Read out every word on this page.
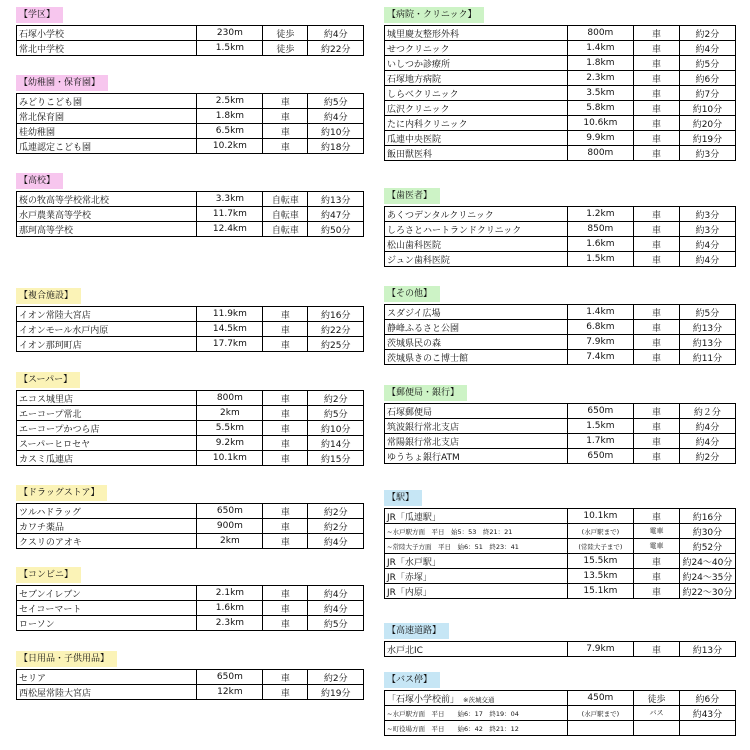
【学区】
石塚小学校	230m	徒歩	約4分
常北中学校	1.5km	徒歩	約22分
【幼稚園・保育園】
みどりこども園	2.5km	車	約5分
常北保育園	1.8km	車	約4分
桂幼稚園	6.5km	車	約10分
瓜連認定こども園	10.2km	車	約18分
【高校】
桜の牧高等学校常北校	3.3km	自転車	約13分
水戸農業高等学校	11.7km	自転車	約47分
那珂高等学校	12.4km	自転車	約50分
【複合施設】
イオン常陸大宮店	11.9km	車	約16分
イオンモール水戸内原	14.5km	車	約22分
イオン那珂町店	17.7km	車	約25分
【スーパー】
エコス城里店	800m	車	約2分
エーコープ常北	2km	車	約5分
エーコープかつら店	5.5km	車	約10分
スーパーヒロセヤ	9.2km	車	約14分
カスミ瓜連店	10.1km	車	約15分
【ドラッグストア】
ツルハドラッグ	650m	車	約2分
カワチ薬品	900m	車	約2分
クスリのアオキ	2km	車	約4分
【コンビニ】
セブンイレブン	2.1km	車	約4分
セイコーマート	1.6km	車	約4分
ローソン	2.3km	車	約5分
【日用品・子供用品】
セリア	650m	車	約2分
西松屋常陸大宮店	12km	車	約19分
【病院・クリニック】
城里慶友整形外科	800m	車	約2分
せつクリニック	1.4km	車	約4分
いしつか診療所	1.8km	車	約5分
石塚地方病院	2.3km	車	約6分
しらべクリニック	3.5km	車	約7分
広沢クリニック	5.8km	車	約10分
たに内科クリニック	10.6km	車	約20分
瓜連中央医院	9.9km	車	約19分
飯田獣医科	800m	車	約3分
【歯医者】
あくつデンタルクリニック	1.2km	車	約3分
しろさとハートランドクリニック	850m	車	約3分
松山歯科医院	1.6km	車	約4分
ジュン歯科医院	1.5km	車	約4分
【その他】
スダジイ広場	1.4km	車	約5分
静峰ふるさと公園	6.8km	車	約13分
茨城県民の森	7.9km	車	約13分
茨城県きのこ博士館	7.4km	車	約11分
【郵便局・銀行】
石塚郵便局	650m	車	約２分
筑波銀行常北支店	1.5km	車	約4分
常陽銀行常北支店	1.7km	車	約4分
ゆうちょ銀行ATM	650m	車	約2分
【駅】
JR「瓜連駅」	10.1km	車	約16分
~水戸駅方面　平日　始5：53　終21：21	(水戸駅まで)	電車	約30分
~常陸大子方面　平日　始6：51　終23：41	(常陸大子まで)	電車	約52分
JR「水戸駅」	15.5km	車	約24～40分
JR「赤塚」	13.5km	車	約24～35分
JR「内原」	15.1km	車	約22～30分
【高速道路】
水戸北IC	7.9km	車	約13分
【バス停】
「石塚小学校前」 ※茨城交通	450m	徒歩	約6分
~水戸駅方面　平日　　始6：17　終19：04	(水戸駅まで)	バス	約43分
~町役場方面　平日　　始6：42　終21：12			
